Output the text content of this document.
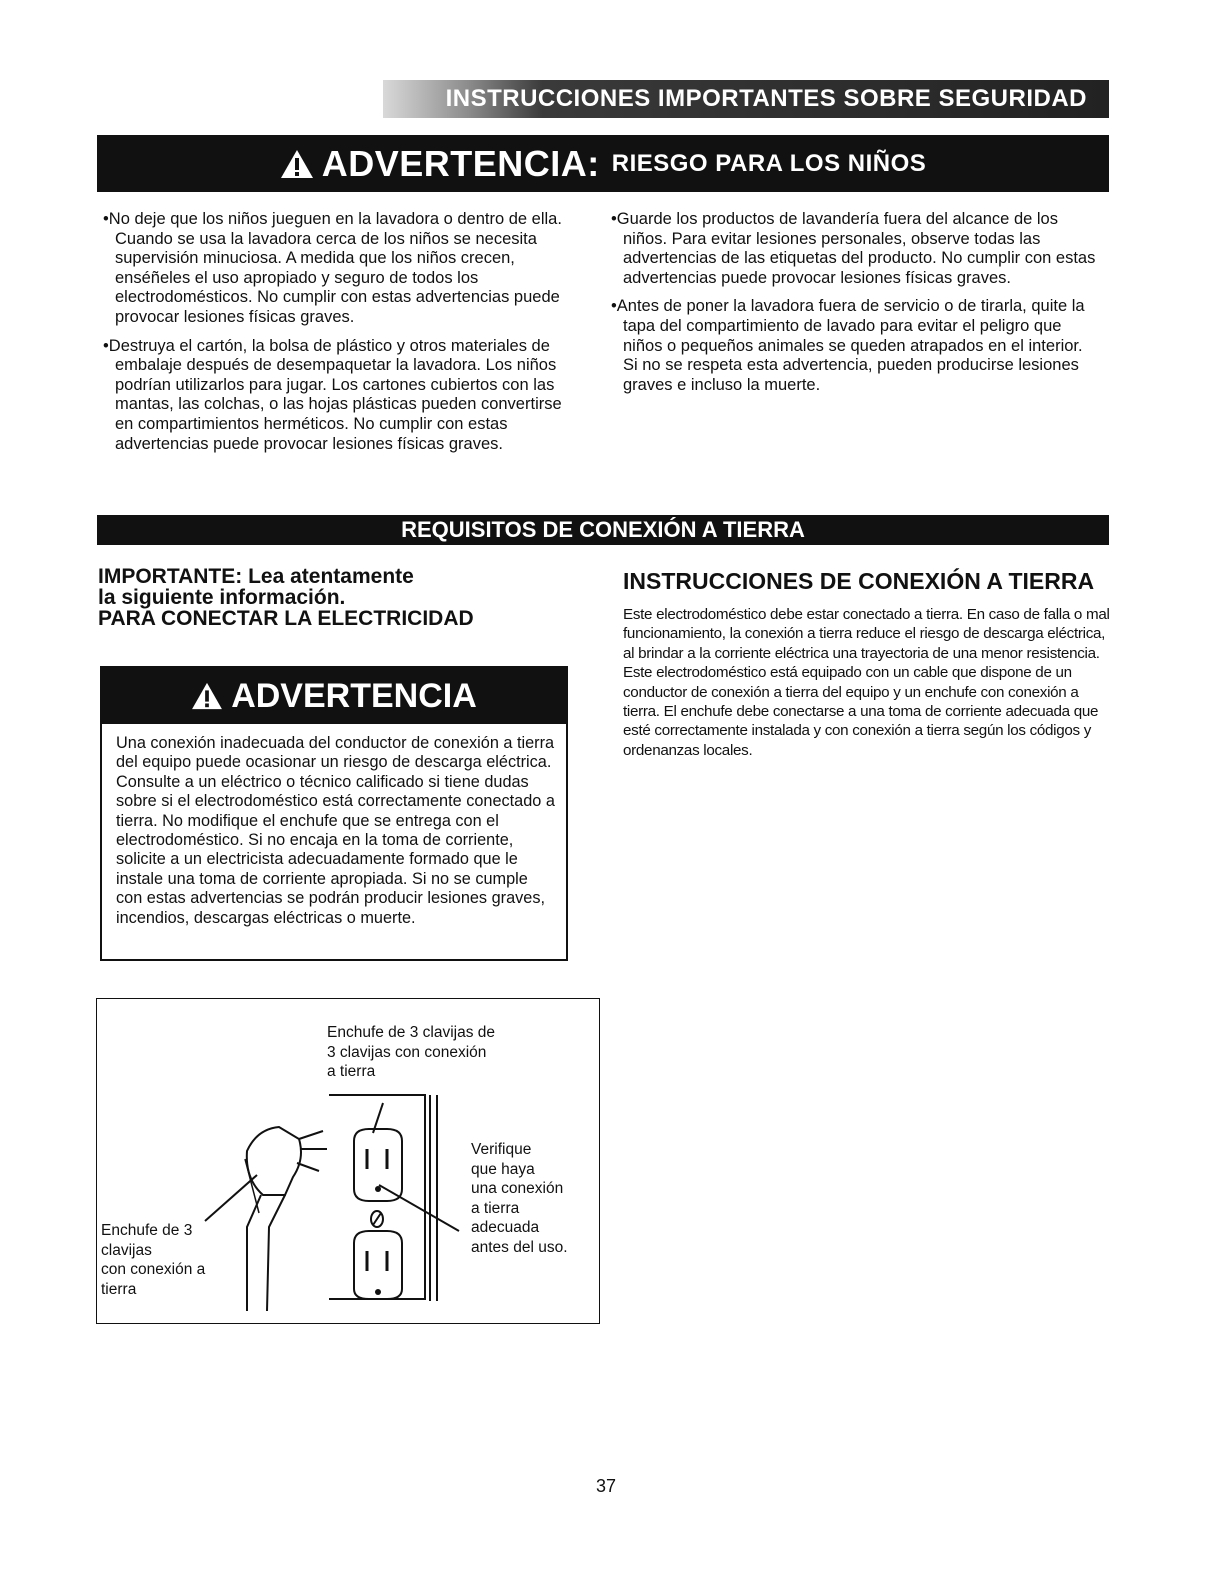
INSTRUCCIONES IMPORTANTES SOBRE SEGURIDAD
ADVERTENCIA: RIESGO PARA LOS NIÑOS

•No deje que los niños jueguen en la lavadora o dentro de ella. Cuando se usa la lavadora cerca de los niños se necesita supervisión minuciosa. A medida que los niños crecen, enséñeles el uso apropiado y seguro de todos los electrodomésticos. No cumplir con estas advertencias puede provocar lesiones físicas graves.

•Destruya el cartón, la bolsa de plástico y otros materiales de embalaje después de desempaquetar la lavadora. Los niños podrían utilizarlos para jugar. Los cartones cubiertos con las mantas, las colchas, o las hojas plásticas pueden convertirse en compartimientos herméticos. No cumplir con estas advertencias puede provocar lesiones físicas graves.

•Guarde los productos de lavandería fuera del alcance de los niños. Para evitar lesiones personales, observe todas las advertencias de las etiquetas del producto. No cumplir con estas advertencias puede provocar lesiones físicas graves.

•Antes de poner la lavadora fuera de servicio o de tirarla, quite la tapa del compartimiento de lavado para evitar el peligro que niños o pequeños animales se queden atrapados en el interior. Si no se respeta esta advertencia, pueden producirse lesiones graves e incluso la muerte.

REQUISITOS DE CONEXIÓN A TIERRA
IMPORTANTE: Lea atentamente
la siguiente información.
PARA CONECTAR LA ELECTRICIDAD
INSTRUCCIONES DE CONEXIÓN A TIERRA
Este electrodoméstico debe estar conectado a tierra. En caso de falla o mal funcionamiento, la conexión a tierra reduce el riesgo de descarga eléctrica, al brindar a la corriente eléctrica una trayectoria de una menor resistencia. Este electrodoméstico está equipado con un cable que dispone de un conductor de conexión a tierra del equipo y un enchufe con conexión a tierra. El enchufe debe conectarse a una toma de corriente adecuada que esté correctamente instalada y con conexión a tierra según los códigos y ordenanzas locales.
ADVERTENCIA
Una conexión inadecuada del conductor de conexión a tierra del equipo puede ocasionar un riesgo de descarga eléctrica. Consulte a un eléctrico o técnico calificado si tiene dudas sobre si el electrodoméstico está correctamente conectado a tierra. No modifique el enchufe que se entrega con el electrodoméstico. Si no encaja en la toma de corriente, solicite a un electricista adecuadamente formado que le instale una toma de corriente apropiada. Si no se cumple con estas advertencias se podrán producir lesiones graves, incendios, descargas eléctricas o muerte.
Enchufe de 3 clavijas de
3 clavijas con conexión
a tierra
Enchufe de 3
clavijas
con conexión a
tierra
Verifique
que haya
una conexión
a tierra
adecuada
antes del uso.
37
